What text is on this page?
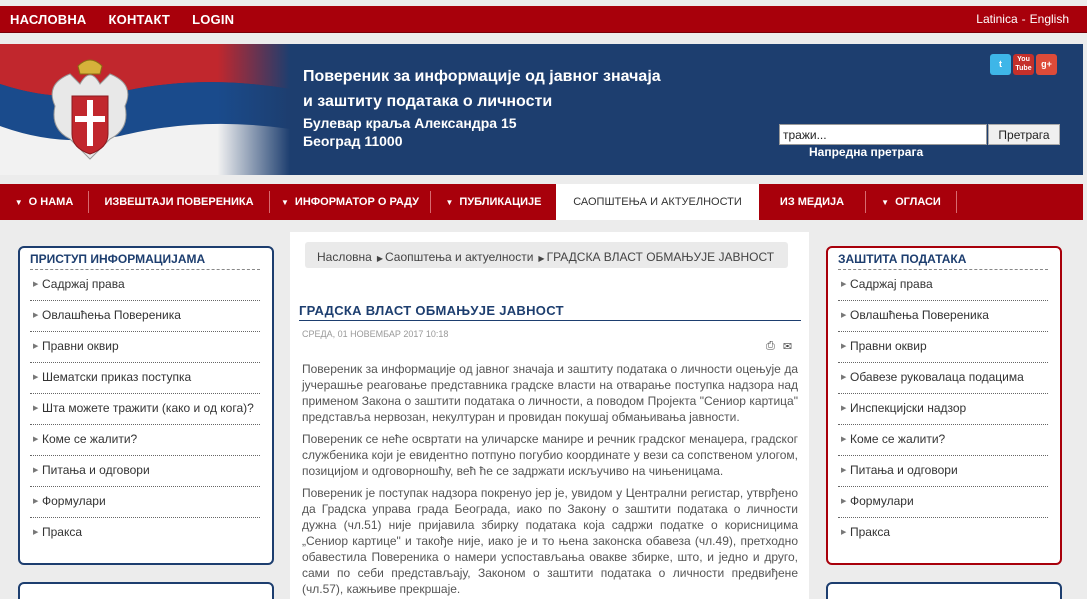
НАСЛОВНА КОНТАКТ LOGIN	Latinica - English
Повереник за информације од јавног значаја
и заштиту података о личности
Булевар краља Александра 15
Београд 11000
t	You Tube	g+
тражи...
Претрага
Напредна претрага
▼ О НАМА	ИЗВЕШТАЈИ ПОВЕРЕНИКА	▼ ИНФОРМАТОР О РАДУ	▼ ПУБЛИКАЦИЈЕ	САОПШТЕЊА И АКТУЕЛНОСТИ	ИЗ МЕДИЈА	▼ ОГЛАСИ
ПРИСТУП ИНФОРМАЦИЈАМА
▶ Садржај права
▶ Овлашћења Повереника
▶ Правни оквир
▶ Шематски приказ поступка
▶ Шта можете тражити (како и од кога)?
▶ Коме се жалити?
▶ Питања и одговори
▶ Формулари
▶ Пракса
Насловна ▶ Саопштења и актуелности ▶ ГРАДСКА ВЛАСТ ОБМАЊУЈЕ ЈАВНОСТ
ГРАДСКА ВЛАСТ ОБМАЊУЈЕ ЈАВНОСТ
СРЕДА, 01 НОВЕМБАР 2017 10:18
⎙ ✉

Повереник за информације од јавног значаја и заштиту података о личности оцењује да јучерашње реаговање представника градске власти на отварање поступка надзора над применом Закона о заштити података о личности, а поводом Пројекта "Сениор картица" представља нервозан, некултуран и провидан покушај обмањивања јавности.

Повереник се неће освртати на уличарске манире и речник градског менаџера, градског службеника који је евидентно потпуно погубио координате у вези са сопственом улогом, позицијом и одговорношћу, већ ће се задржати искључиво на чињеницама.

Повереник је поступак надзора покренуо јер је, увидом у Централни регистар, утврђено да Градска управа града Београда, иако по Закону о заштити података о личности дужна (чл.51) није пријавила збирку података која садржи податке о корисницима „Сениор картице" и такође није, иако је и то њена законска обавеза (чл.49), претходно обавестила Повереника о намери успостављања овакве збирке, што, и једно и друго, сами по себи представљају, Законом о заштити података о личности предвиђене (чл.57), кажњиве прекршаје.

ЗАШТИТА ПОДАТАКА
▶ Садржај права
▶ Овлашћења Повереника
▶ Правни оквир
▶ Обавезе руковалаца подацима
▶ Инспекцијски надзор
▶ Коме се жалити?
▶ Питања и одговори
▶ Формулари
▶ Пракса
